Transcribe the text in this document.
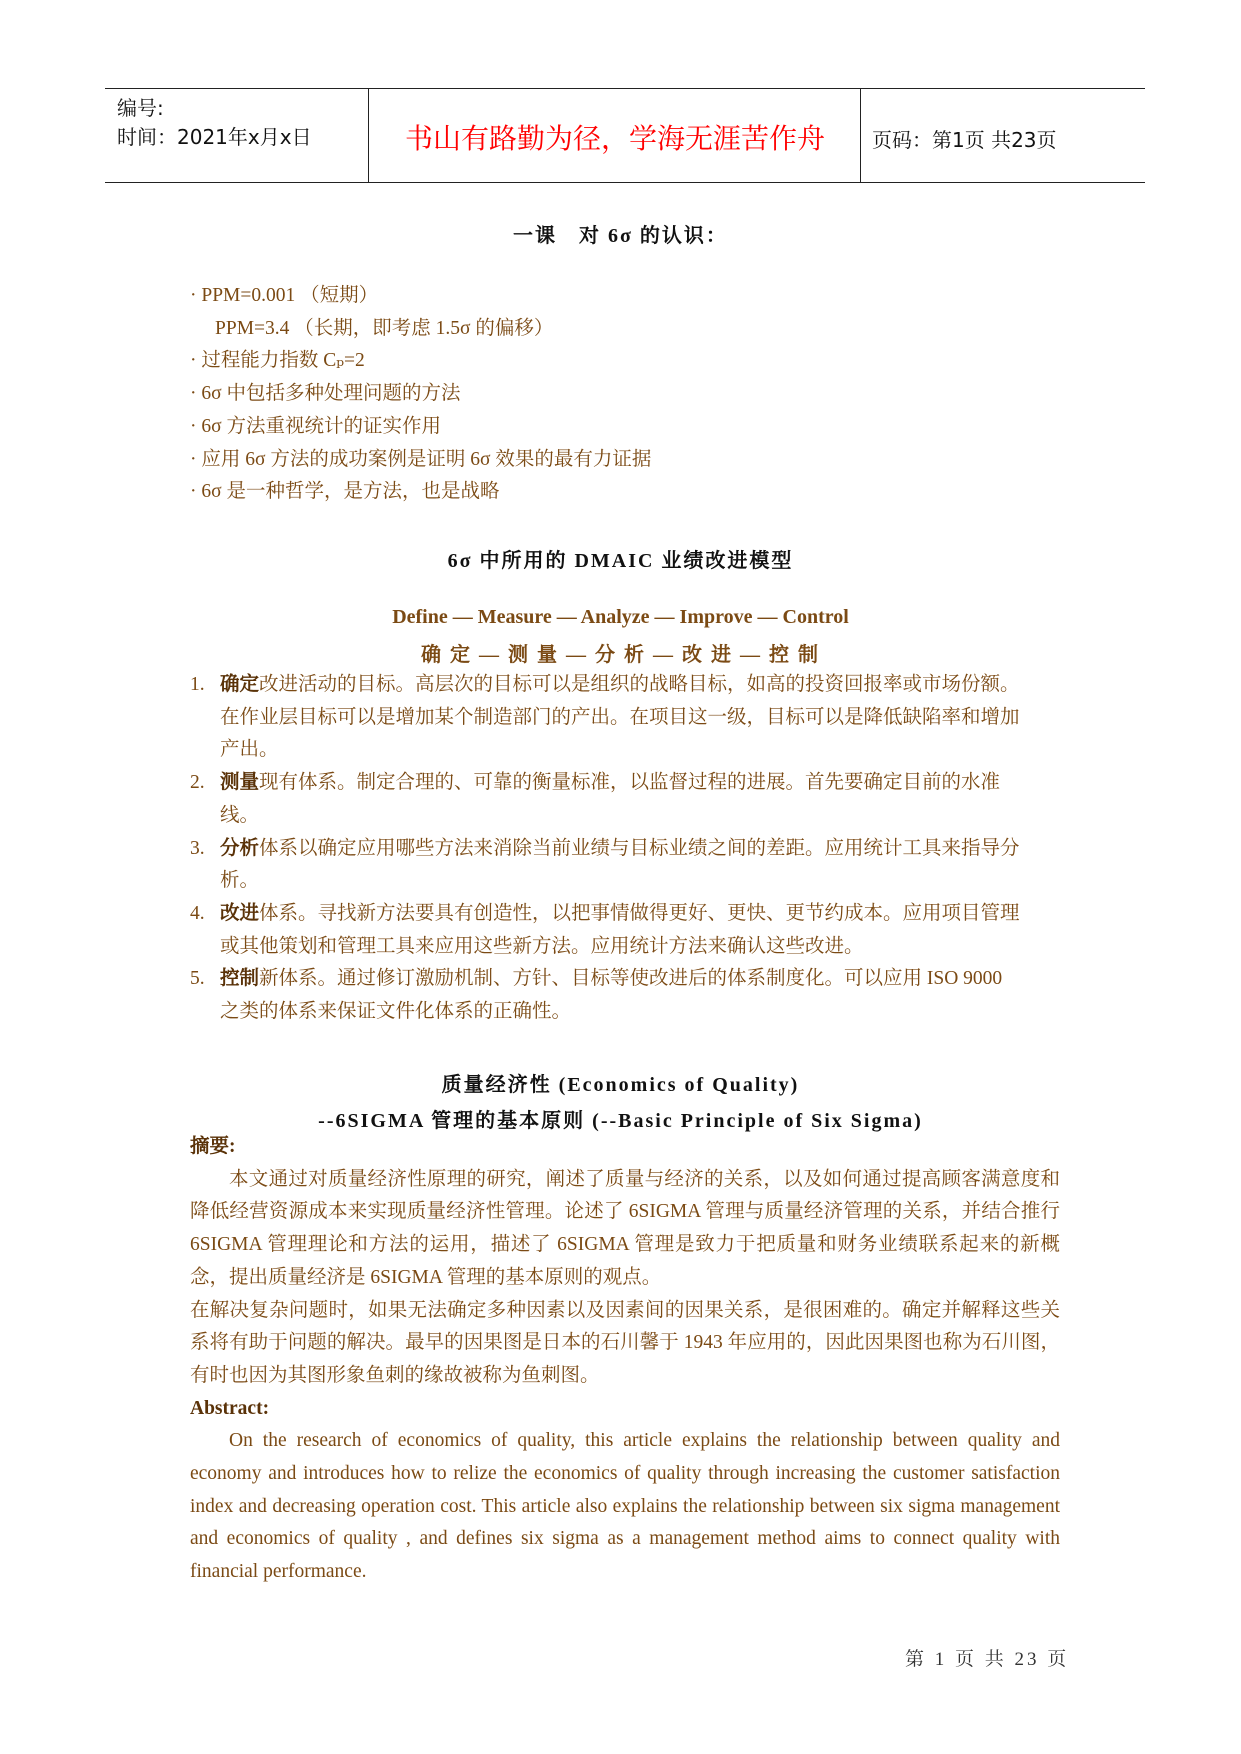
编号:
时间：2021年x月x日	书山有路勤为径，学海无涯苦作舟	页码：第1页 共23页
一课　对 6σ 的认识：
· PPM=0.001 （短期）
PPM=3.4 （长期，即考虑 1.5σ 的偏移）
· 过程能力指数 Cₚ=2
· 6σ 中包括多种处理问题的方法
· 6σ 方法重视统计的证实作用
· 应用 6σ 方法的成功案例是证明 6σ 效果的最有力证据
· 6σ 是一种哲学，是方法，也是战略
6σ 中所用的 DMAIC 业绩改进模型
Define — Measure — Analyze — Improve — Control
确 定 — 测 量 — 分 析 — 改 进 — 控 制
1. 确定改进活动的目标。高层次的目标可以是组织的战略目标，如高的投资回报率或市场份额。在作业层目标可以是增加某个制造部门的产出。在项目这一级，目标可以是降低缺陷率和增加产出。
2. 测量现有体系。制定合理的、可靠的衡量标准，以监督过程的进展。首先要确定目前的水准线。
3. 分析体系以确定应用哪些方法来消除当前业绩与目标业绩之间的差距。应用统计工具来指导分析。
4. 改进体系。寻找新方法要具有创造性，以把事情做得更好、更快、更节约成本。应用项目管理或其他策划和管理工具来应用这些新方法。应用统计方法来确认这些改进。
5. 控制新体系。通过修订激励机制、方针、目标等使改进后的体系制度化。可以应用 ISO 9000 之类的体系来保证文件化体系的正确性。
质量经济性 (Economics of Quality)
--6SIGMA 管理的基本原则 (--Basic Principle of Six Sigma)
摘要:
本文通过对质量经济性原理的研究，阐述了质量与经济的关系，以及如何通过提高顾客满意度和降低经营资源成本来实现质量经济性管理。论述了 6SIGMA 管理与质量经济管理的关系，并结合推行 6SIGMA 管理理论和方法的运用，描述了 6SIGMA 管理是致力于把质量和财务业绩联系起来的新概念，提出质量经济是 6SIGMA 管理的基本原则的观点。
在解决复杂问题时，如果无法确定多种因素以及因素间的因果关系，是很困难的。确定并解释这些关系将有助于问题的解决。最早的因果图是日本的石川馨于 1943 年应用的，因此因果图也称为石川图，有时也因为其图形象鱼刺的缘故被称为鱼刺图。
Abstract:
On the research of economics of quality, this article explains the relationship between quality and economy and introduces how to relize the economics of quality through increasing the customer satisfaction index and decreasing operation cost. This article also explains the relationship between six sigma management and economics of quality , and defines six sigma as a management method aims to connect quality with financial performance.
第 1 页 共 23 页
